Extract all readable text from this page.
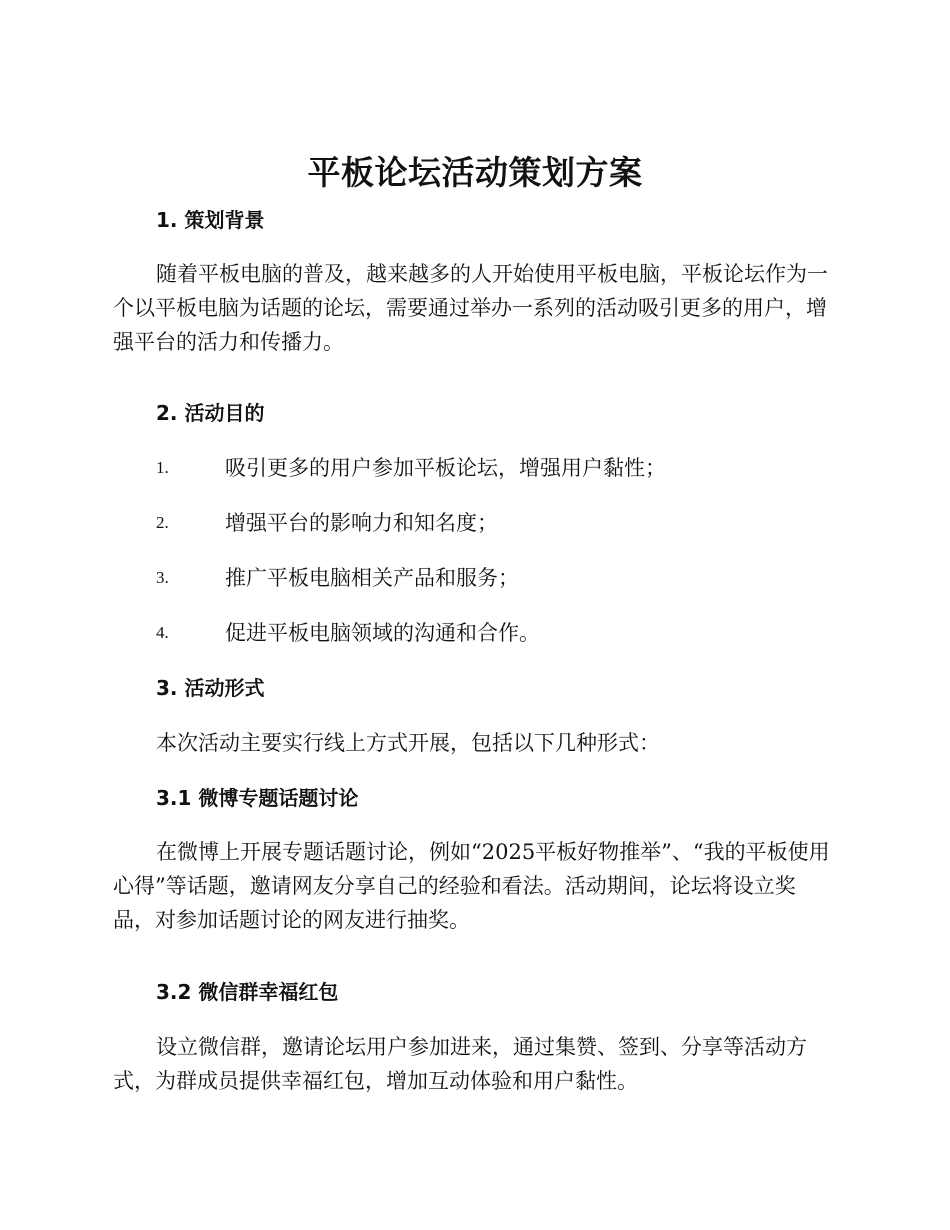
平板论坛活动策划方案
1. 策划背景

随着平板电脑的普及，越来越多的人开始使用平板电脑，平板论坛作为一个以平板电脑为话题的论坛，需要通过举办一系列的活动吸引更多的用户，增强平台的活力和传播力。

2. 活动目的
1.	吸引更多的用户参加平板论坛，增强用户黏性；
2.	增强平台的影响力和知名度；
3.	推广平板电脑相关产品和服务；
4.	促进平板电脑领域的沟通和合作。
3. 活动形式
本次活动主要实行线上方式开展，包括以下几种形式：
3.1 微博专题话题讨论

在微博上开展专题话题讨论，例如“2025平板好物推举”、“我的平板使用心得”等话题，邀请网友分享自己的经验和看法。活动期间，论坛将设立奖品，对参加话题讨论的网友进行抽奖。

3.2 微信群幸福红包

设立微信群，邀请论坛用户参加进来，通过集赞、签到、分享等活动方式，为群成员提供幸福红包，增加互动体验和用户黏性。
